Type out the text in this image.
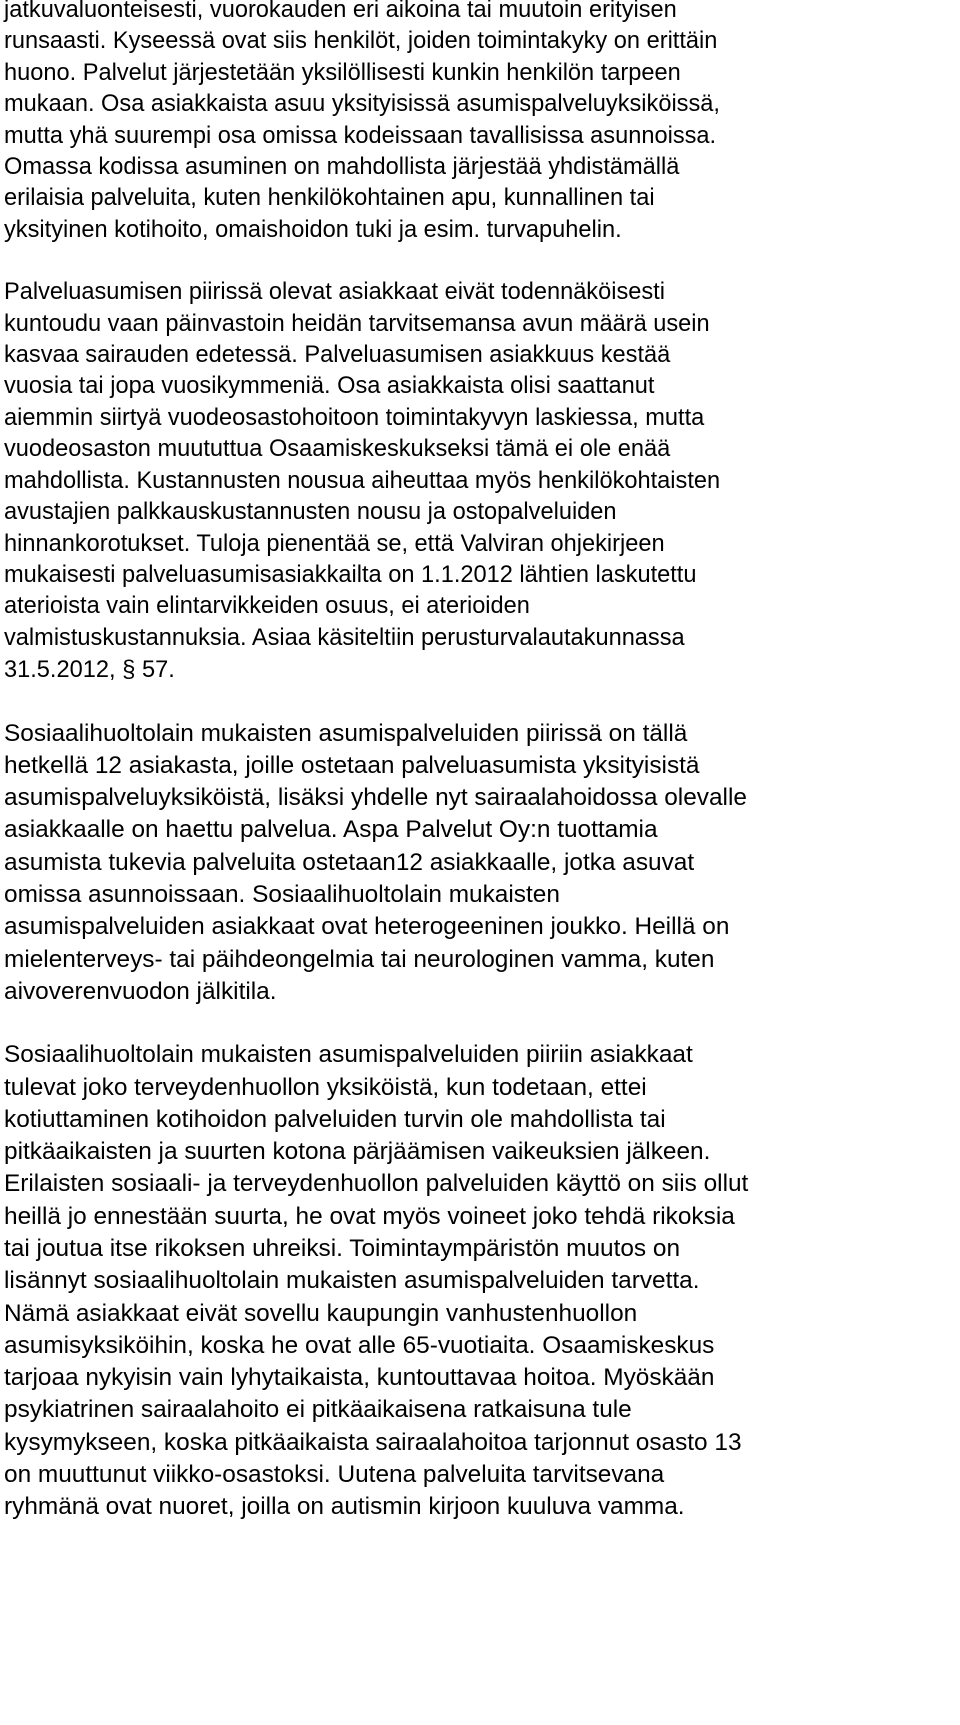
jatkuvaluonteisesti, vuorokauden eri aikoina tai muutoin erityisen
runsaasti. Kyseessä ovat siis henkilöt, joiden toimintakyky on erittäin
huono. Palvelut järjestetään yksilöllisesti kunkin henkilön tarpeen
mukaan. Osa asiakkaista asuu yksityisissä asumispalveluyksiköissä,
mutta yhä suurempi osa omissa kodeissaan tavallisissa asunnoissa.
Omassa kodissa asuminen on mahdollista järjestää yhdistämällä
erilaisia palveluita, kuten henkilökohtainen apu, kunnallinen tai
yksityinen kotihoito, omaishoidon tuki ja esim. turvapuhelin.

Palveluasumisen piirissä olevat asiakkaat eivät todennäköisesti
kuntoudu vaan päinvastoin heidän tarvitsemansa avun määrä usein
kasvaa sairauden edetessä. Palveluasumisen asiakkuus kestää
vuosia tai jopa vuosikymmeniä. Osa asiakkaista olisi saattanut
aiemmin siirtyä vuodeosastohoitoon toimintakyvyn laskiessa, mutta
vuodeosaston muututtua Osaamiskeskukseksi tämä ei ole enää
mahdollista. Kustannusten nousua aiheuttaa myös henkilökohtaisten
avustajien palkkauskustannusten nousu ja ostopalveluiden
hinnankorotukset. Tuloja pienentää se, että Valviran ohjekirjeen
mukaisesti palveluasumisasiakkailta on 1.1.2012 lähtien laskutettu
aterioista vain elintarvikkeiden osuus, ei aterioiden
valmistuskustannuksia. Asiaa käsiteltiin perusturvalautakunnassa
31.5.2012, § 57.

Sosiaalihuoltolain mukaisten asumispalveluiden piirissä on tällä
hetkellä 12 asiakasta, joille ostetaan palveluasumista yksityisistä
asumispalveluyksiköistä, lisäksi yhdelle nyt sairaalahoidossa olevalle
asiakkaalle on haettu palvelua. Aspa Palvelut Oy:n tuottamia
asumista tukevia palveluita ostetaan12 asiakkaalle, jotka asuvat
omissa asunnoissaan. Sosiaalihuoltolain mukaisten
asumispalveluiden asiakkaat ovat heterogeeninen joukko. Heillä on
mielenterveys- tai päihdeongelmia tai neurologinen vamma, kuten
aivoverenvuodon jälkitila.

Sosiaalihuoltolain mukaisten asumispalveluiden piiriin asiakkaat
tulevat joko terveydenhuollon yksiköistä, kun todetaan, ettei
kotiuttaminen kotihoidon palveluiden turvin ole mahdollista tai
pitkäaikaisten ja suurten kotona pärjäämisen vaikeuksien jälkeen.
Erilaisten sosiaali- ja terveydenhuollon palveluiden käyttö on siis ollut
heillä jo ennestään suurta, he ovat myös voineet joko tehdä rikoksia
tai joutua itse rikoksen uhreiksi. Toimintaympäristön muutos on
lisännyt sosiaalihuoltolain mukaisten asumispalveluiden tarvetta.
Nämä asiakkaat eivät sovellu kaupungin vanhustenhuollon
asumisyksiköihin, koska he ovat alle 65-vuotiaita. Osaamiskeskus
tarjoaa nykyisin vain lyhytaikaista, kuntouttavaa hoitoa. Myöskään
psykiatrinen sairaalahoito ei pitkäaikaisena ratkaisuna tule
kysymykseen, koska pitkäaikaista sairaalahoitoa tarjonnut osasto 13
on muuttunut viikko-osastoksi. Uutena palveluita tarvitsevana
ryhmänä ovat nuoret, joilla on autismin kirjoon kuuluva vamma.
